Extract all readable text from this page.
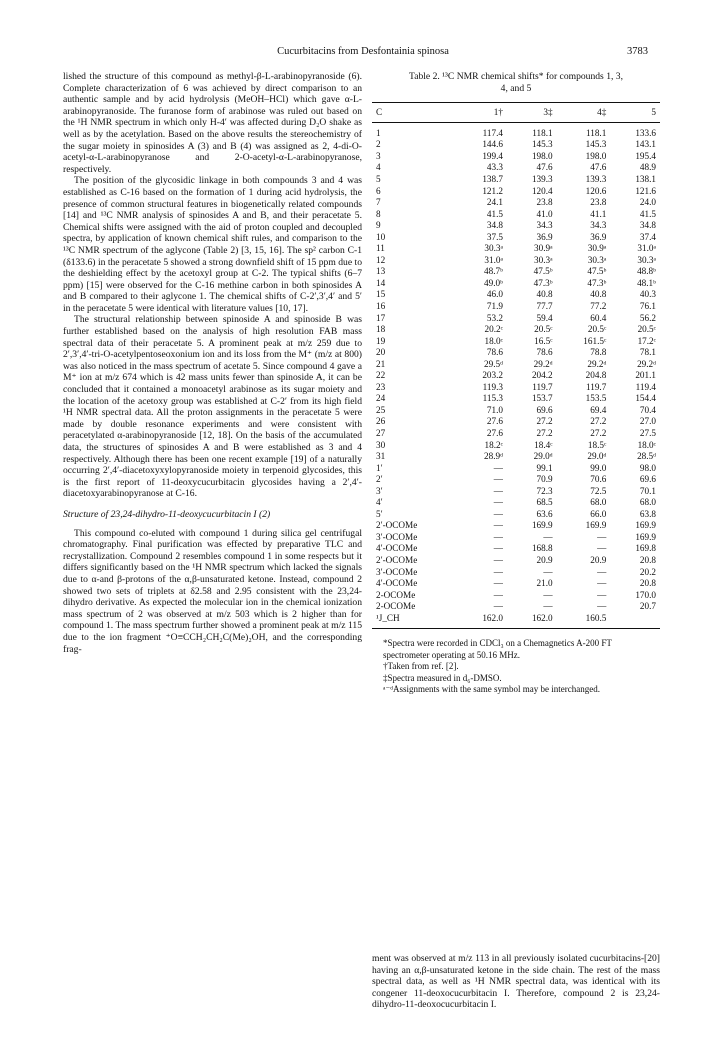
Cucurbitacins from Desfontainia spinosa	3783

lished the structure of this compound as methyl-β-L-arabinopyranoside (6). Complete characterization of 6 was achieved by direct comparison to an authentic sample and by acid hydrolysis (MeOH–HCl) which gave α-L-arabinopyranoside. The furanose form of arabinose was ruled out based on the ¹H NMR spectrum in which only H-4′ was affected during D₂O shake as well as by the acetylation. Based on the above results the stereochemistry of the sugar moiety in spinosides A (3) and B (4) was assigned as 2, 4-di-O-acetyl-α-L-arabinopyranose and 2-O-acetyl-α-L-arabinopyranose, respectively.

The position of the glycosidic linkage in both compounds 3 and 4 was established as C-16 based on the formation of 1 during acid hydrolysis, the presence of common structural features in biogenetically related compounds [14] and ¹³C NMR analysis of spinosides A and B, and their peracetate 5. Chemical shifts were assigned with the aid of proton coupled and decoupled spectra, by application of known chemical shift rules, and comparison to the ¹³C NMR spectrum of the aglycone (Table 2) [3, 15, 16]. The sp² carbon C-1 (δ133.6) in the peracetate 5 showed a strong downfield shift of 15 ppm due to the deshielding effect by the acetoxyl group at C-2. The typical shifts (6–7 ppm) [15] were observed for the C-16 methine carbon in both spinosides A and B compared to their aglycone 1. The chemical shifts of C-2′,3′,4′ and 5′ in the peracetate 5 were identical with literature values [10, 17].

The structural relationship between spinoside A and spinoside B was further established based on the analysis of high resolution FAB mass spectral data of their peracetate 5. A prominent peak at m/z 259 due to 2′,3′,4′-tri-O-acetylpentoseoxonium ion and its loss from the M⁺ (m/z at 800) was also noticed in the mass spectrum of acetate 5. Since compound 4 gave a M⁺ ion at m/z 674 which is 42 mass units fewer than spinoside A, it can be concluded that it contained a monoacetyl arabinose as its sugar moiety and the location of the acetoxy group was established at C-2′ from its high field ¹H NMR spectral data. All the proton assignments in the peracetate 5 were made by double resonance experiments and were consistent with peracetylated α-arabinopyranoside [12, 18]. On the basis of the accumulated data, the structures of spinosides A and B were established as 3 and 4 respectively. Although there has been one recent example [19] of a naturally occurring 2′,4′-diacetoxyxylopyranoside moiety in terpenoid glycosides, this is the first report of 11-deoxycucurbitacin glycosides having a 2′,4′-diacetoxyarabinopyranose at C-16.

Structure of 23,24-dihydro-11-deoxycucurbitacin I (2)

This compound co-eluted with compound 1 during silica gel centrifugal chromatography. Final purification was effected by preparative TLC and recrystallization. Compound 2 resembles compound 1 in some respects but it differs significantly based on the ¹H NMR spectrum which lacked the signals due to α-and β-protons of the α,β-unsaturated ketone. Instead, compound 2 showed two sets of triplets at δ2.58 and 2.95 consistent with the 23,24-dihydro derivative. As expected the molecular ion in the chemical ionization mass spectrum of 2 was observed at m/z 503 which is 2 higher than for compound 1. The mass spectrum further showed a prominent peak at m/z 115 due to the ion fragment ⁺O≡CCH₂CH₂C(Me)₂OH, and the corresponding frag-

Table 2. ¹³C NMR chemical shifts* for compounds 1, 3,
4, and 5
C	1†	3‡	4‡	5
1	117.4	118.1	118.1	133.6
2	144.6	145.3	145.3	143.1
3	199.4	198.0	198.0	195.4
4	43.3	47.6	47.6	48.9
5	138.7	139.3	139.3	138.1
6	121.2	120.4	120.6	121.6
7	24.1	23.8	23.8	24.0
8	41.5	41.0	41.1	41.5
9	34.8	34.3	34.3	34.8
10	37.5	36.9	36.9	37.4
11	30.3ᵃ	30.9ᵃ	30.9ᵃ	31.0ᵃ
12	31.0ᵃ	30.3ᵃ	30.3ᵃ	30.3ᵃ
13	48.7ᵇ	47.5ᵇ	47.5ᵇ	48.8ᵇ
14	49.0ᵇ	47.3ᵇ	47.3ᵇ	48.1ᵇ
15	46.0	40.8	40.8	40.3
16	71.9	77.7	77.2	76.1
17	53.2	59.4	60.4	56.2
18	20.2ᶜ	20.5ᶜ	20.5ᶜ	20.5ᶜ
19	18.0ᶜ	16.5ᶜ	161.5ᶜ	17.2ᶜ
20	78.6	78.6	78.8	78.1
21	29.5ᵈ	29.2ᵈ	29.2ᵈ	29.2ᵈ
22	203.2	204.2	204.8	201.1
23	119.3	119.7	119.7	119.4
24	115.3	153.7	153.5	154.4
25	71.0	69.6	69.4	70.4
26	27.6	27.2	27.2	27.0
27	27.6	27.2	27.2	27.5
30	18.2ᶜ	18.4ᶜ	18.5ᶜ	18.0ᶜ
31	28.9ᵈ	29.0ᵈ	29.0ᵈ	28.5ᵈ
1′	—	99.1	99.0	98.0
2′	—	70.9	70.6	69.6
3′	—	72.3	72.5	70.1
4′	—	68.5	68.0	68.0
5′	—	63.6	66.0	63.8
2′-OCOMe	—	169.9	169.9	169.9
3′-OCOMe	—	—	—	169.9
4′-OCOMe	—	168.8	—	169.8
2′-OCOMe	—	20.9	20.9	20.8
3′-OCOMe	—	—	—	20.2
4′-OCOMe	—	21.0	—	20.8
2-OCOMe	—	—	—	170.0
2-OCOMe	—	—	—	20.7
¹J_CH	162.0	162.0	160.5	

*Spectra were recorded in CDCl₃ on a Chemagnetics A-200 FT spectrometer operating at 50.16 MHz.

†Taken from ref. [2].

‡Spectra measured in d₆-DMSO.

ᵃ⁻ᵈAssignments with the same symbol may be interchanged.

ment was observed at m/z 113 in all previously isolated cucurbitacins-[20] having an α,β-unsaturated ketone in the side chain. The rest of the mass spectral data, as well as ¹H NMR spectral data, was identical with its congener 11-deoxocucurbitacin I. Therefore, compound 2 is 23,24-dihydro-11-deoxocucurbitacin I.
